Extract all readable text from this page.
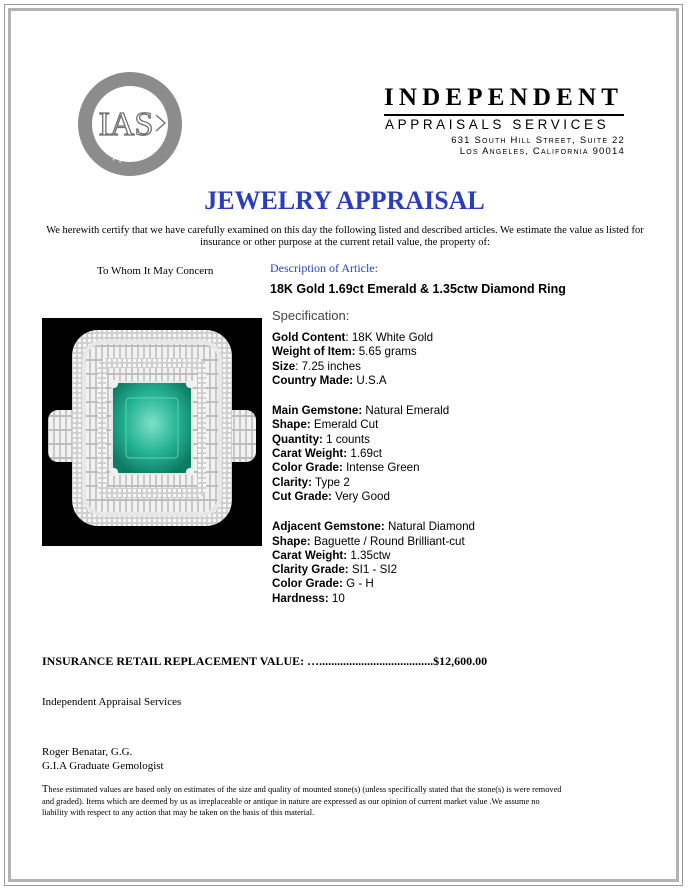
Appraisal
IAS
INDEPENDENT
APPRAISALS SERVICES
631 South Hill Street, Suite 22
Los Angeles, California 90014
JEWELRY APPRAISAL
We herewith certify that we have carefully examined on this day the following listed and described articles. We estimate the value as listed for
insurance or other purpose at the current retail value, the property of:
To Whom It May Concern	Description of Article:
18K Gold 1.69ct Emerald & 1.35ctw Diamond Ring
Specification:
Gold Content: 18K White Gold
Weight of Item: 5.65 grams
Size: 7.25 inches
Country Made: U.S.A
Main Gemstone: Natural Emerald
Shape: Emerald Cut
Quantity: 1 counts
Carat Weight: 1.69ct
Color Grade: Intense Green
Clarity: Type 2
Cut Grade: Very Good
Adjacent Gemstone: Natural Diamond
Shape: Baguette / Round Brilliant-cut
Carat Weight: 1.35ctw
Clarity Grade: SI1 - SI2
Color Grade: G - H
Hardness: 10
INSURANCE RETAIL REPLACEMENT VALUE: …......................................$12,600.00
Independent Appraisal Services
Roger Benatar, G.G.
G.I.A Graduate Gemologist
These estimated values are based only on estimates of the size and quality of mounted stone(s) (unless specifically stated that the stone(s) is were removed and graded). Items which are deemed by us as irreplaceable or antique in nature are expressed as our opinion of current market value .We assume no liability with respect to any action that may be taken on the basis of this material.
